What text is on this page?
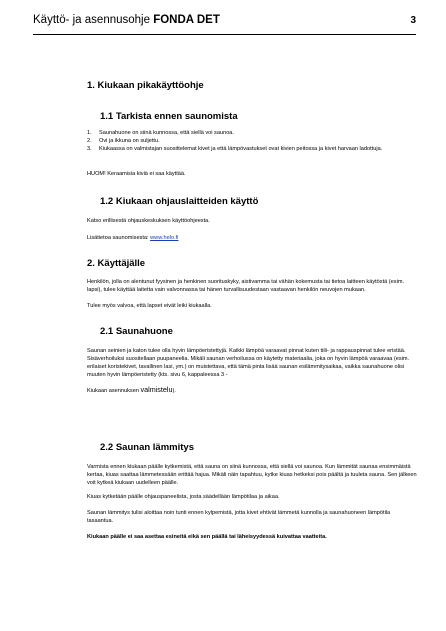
Käyttö- ja asennusohje FONDA DET	3
1. Kiukaan pikakäyttöohje
1.1 Tarkista ennen saunomista
1.	Saunahuone on siinä kunnossa, että siellä voi saunoa.
2.	Ovi ja ikkuna on suljettu.
3.	Kiukaassa on valmistajan suosittelemat kivet ja että lämpövastukset ovat kivien peitossa ja kivet harvaan ladottuja.
HUOM! Keraamisia kiviä ei saa käyttää.
1.2 Kiukaan ohjauslaitteiden käyttö
Katso erillisestä ohjauskeskuksen käyttöohjeesta.
Lisätietoa saunomisesta: www.helo.fi
2. Käyttäjälle
Henkilön, jolla on alentunut fyysinen ja henkinen suorituskyky, aistivamma tai vähän kokemusta tai tietoa laitteen käytöstä (esim. lapsi), tulee käyttää laitetta vain valvonnassa tai hänen turvallisuudestaan vastaavan henkilön neuvojen mukaan.
Tulee myös valvoa, että lapset eivät leiki kiukaalla.
2.1 Saunahuone
Saunan seinien ja katon tulee olla hyvin lämpöeristettyjä. Kaikki lämpöä varaavat pinnat kuten tiili- ja rappauspinnat tulee eristää. Sisäverhoiluksi suositellaan puupaneelia. Mikäli saunan verhoilussa on käytetty materiaalia, joka on hyvin lämpöä varaavaa (esim. erilaiset koristekivet, tavallinen lasi, ym.) on muistettava, että tämä pinta lisää saunan esilämmitysaikaa, vaikka saunahuone olisi muuten hyvin lämpöeristetty (kts. sivu 6, kappaleessa 3 -
Kiukaan asennuksen valmistelu).
2.2 Saunan lämmitys
Varmista ennen kiukaan päälle kytkemistä, että sauna on siinä kunnossa, että siellä voi saunoa. Kun lämmität saunaa ensimmäistä kertaa, kiuas saattaa lämmetessään erittää hajua. Mikäli näin tapahtuu, kytke kiuas hetkeksi pois päältä ja tuuleta sauna. Sen jälkeen voit kytkeä kiukaan uudelleen päälle.
Kiuas kytketään päälle ohjauspaneelista, josta säädellään lämpötilaa ja aikaa.
Saunan lämmitys tulisi aloittaa noin tunti ennen kylpemistä, jotta kivet ehtivät lämmetä kunnolla ja saunahuoneen lämpötila tasaantua.
Kiukaan päälle ei saa asettaa esineitä eikä sen päällä tai läheisyydessä kuivattaa vaatteita.
